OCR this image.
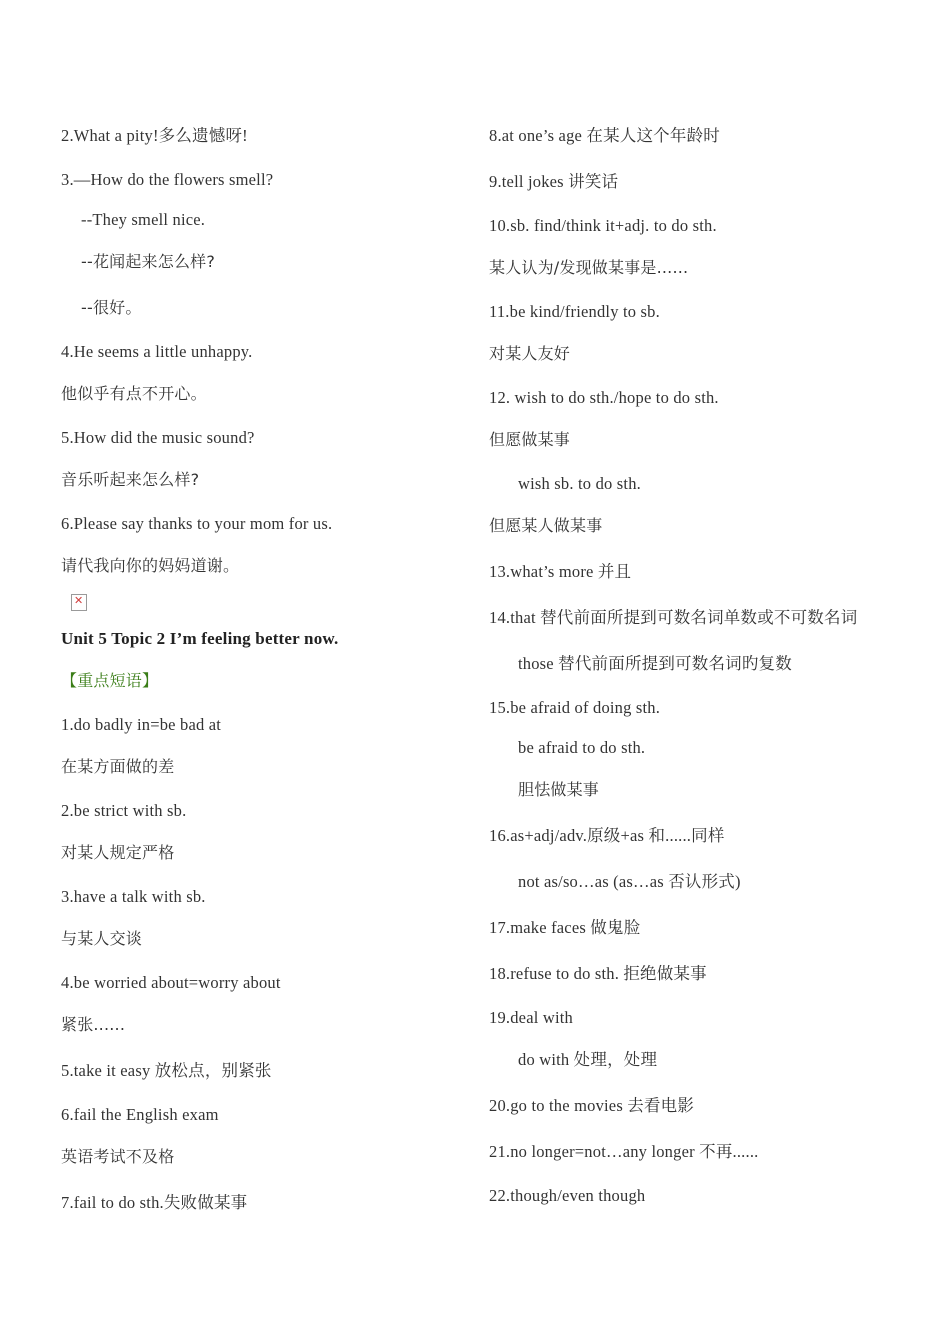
2.What a pity!多么遗憾呀!
3.—How do the flowers smell?
--They smell nice.
--花闻起来怎么样?
--很好。
4.He seems a little unhappy.
他似乎有点不开心。
5.How did the music sound?
音乐听起来怎么样?
6.Please say thanks to your mom for us.
请代我向你的妈妈道谢。
✕
Unit 5 Topic 2 I’m feeling better now.
【重点短语】
1.do badly in=be bad at
在某方面做的差
2.be strict with sb.
对某人规定严格
3.have a talk with sb.
与某人交谈
4.be worried about=worry about
紧张......
5.take it easy 放松点，别紧张
6.fail the English exam
英语考试不及格
7.fail to do sth.失败做某事
8.at one’s age 在某人这个年龄时
9.tell jokes 讲笑话
10.sb. find/think it+adj. to do sth.
某人认为/发现做某事是......
11.be kind/friendly to sb.
对某人友好
12. wish to do sth./hope to do sth.
但愿做某事
wish sb. to do sth.
但愿某人做某事
13.what’s more 并且
14.that 替代前面所提到可数名词单数或不可数名词
those 替代前面所提到可数名词旳复数
15.be afraid of doing sth.
be afraid to do sth.
胆怯做某事
16.as+adj/adv.原级+as 和......同样
not as/so…as (as…as 否认形式)
17.make faces 做鬼脸
18.refuse to do sth. 拒绝做某事
19.deal with
do with 处理，处理
20.go to the movies 去看电影
21.no longer=not…any longer 不再......
22.though/even though
